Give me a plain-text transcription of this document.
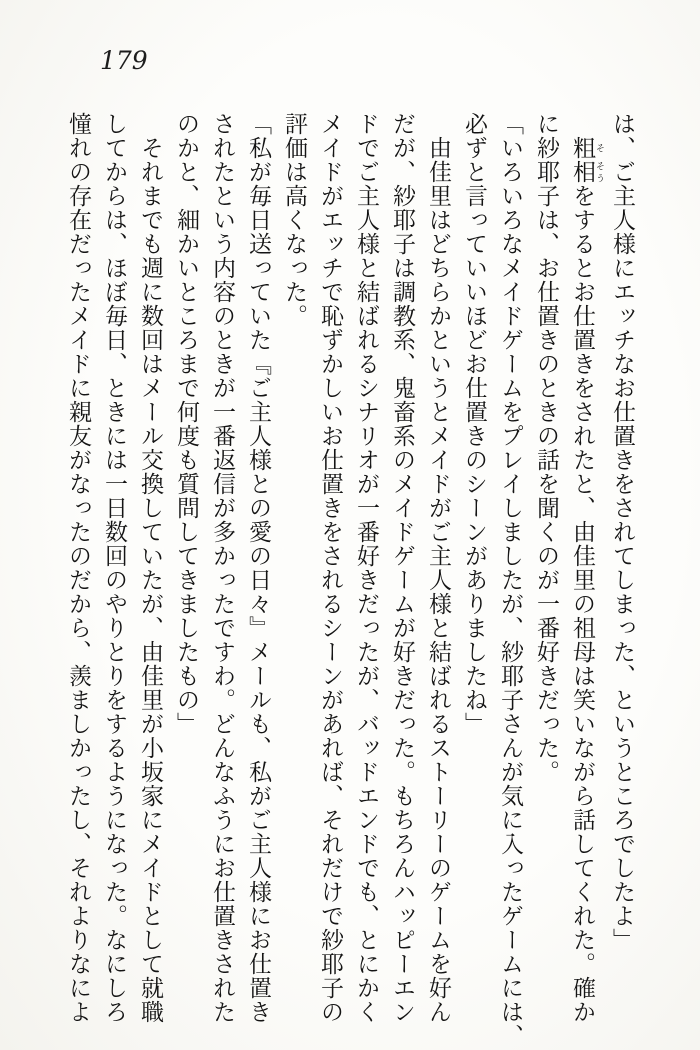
179
は、ご主人様にエッチなお仕置きをされてしまった、というところでしたよ」
粗 そ相 そうをするとお仕置きをされたと、由佳里の祖母は笑いながら話してくれた。確か
に紗耶子は、お仕置きのときの話を聞くのが一番好きだった。
「いろいろなメイドゲームをプレイしましたが、紗耶子さんが気に入ったゲームには、
必ずと言っていいほどお仕置きのシーンがありましたね」
由佳里はどちらかというとメイドがご主人様と結ばれるストーリーのゲームを好ん
だが、紗耶子は調教系、鬼畜系のメイドゲームが好きだった。もちろんハッピーエン
ドでご主人様と結ばれるシナリオが一番好きだったが、バッドエンドでも、とにかく
メイドがエッチで恥ずかしいお仕置きをされるシーンがあれば、それだけで紗耶子の
評価は高くなった。
「私が毎日送っていた『ご主人様との愛の日々』メールも、私がご主人様にお仕置き
されたという内容のときが一番返信が多かったですわ。どんなふうにお仕置きされた
のかと、細かいところまで何度も質問してきましたもの」
それまでも週に数回はメール交換していたが、由佳里が小坂家にメイドとして就職
してからは、ほぼ毎日、ときには一日数回のやりとりをするようになった。なにしろ
憧れの存在だったメイドに親友がなったのだから、羨ましかったし、それよりなによ
